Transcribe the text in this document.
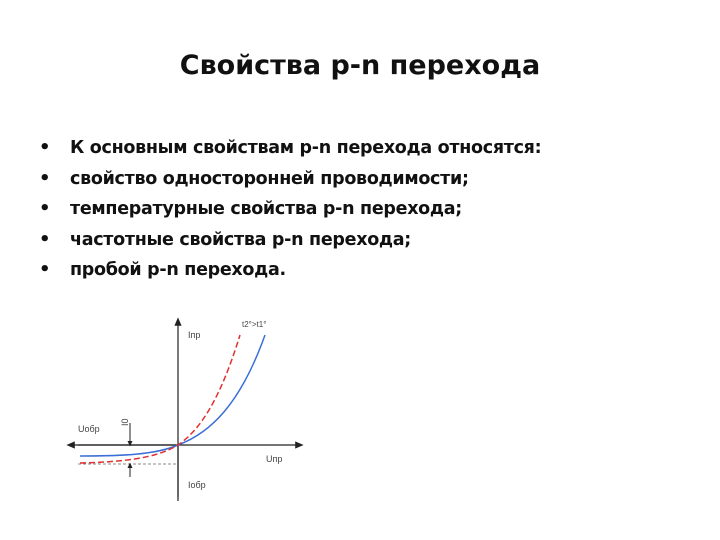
Свойства p-n перехода
• К основным свойствам p-n перехода относятся:
• свойство односторонней проводимости;
• температурные свойства p-n перехода;
• частотные свойства p-n перехода;
• пробой p-n перехода.
Iпр
Uпр
Uобр
Iобр
I0
t2°>t1°
